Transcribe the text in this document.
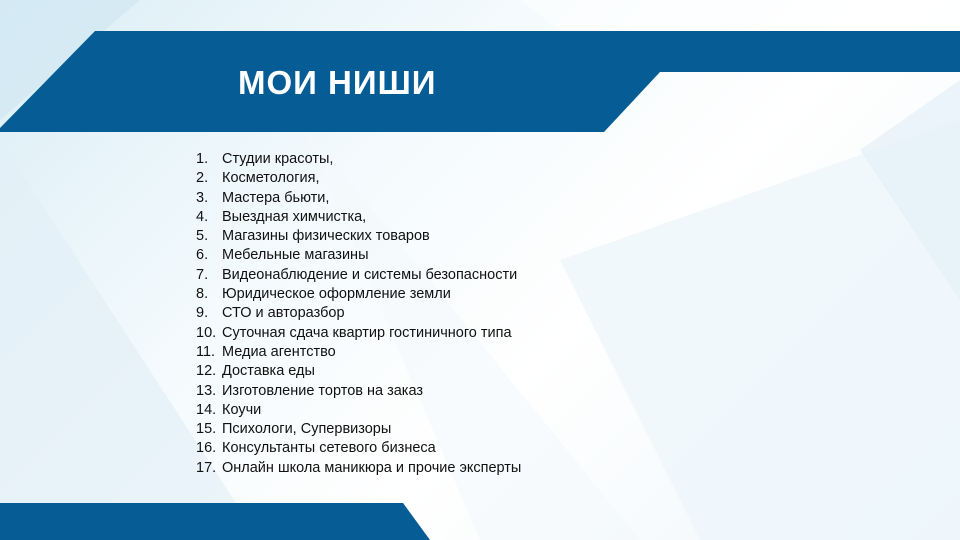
МОИ НИШИ
1. Студии красоты,
2. Косметология,
3. Мастера бьюти,
4. Выездная химчистка,
5. Магазины физических товаров
6. Мебельные магазины
7. Видеонаблюдение и системы безопасности
8. Юридическое оформление земли
9. СТО и авторазбор
10. Суточная сдача квартир гостиничного типа
11. Медиа агентство
12. Доставка еды
13. Изготовление тортов на заказ
14. Коучи
15. Психологи, Супервизоры
16. Консультанты сетевого бизнеса
17. Онлайн школа маникюра и прочие эксперты
